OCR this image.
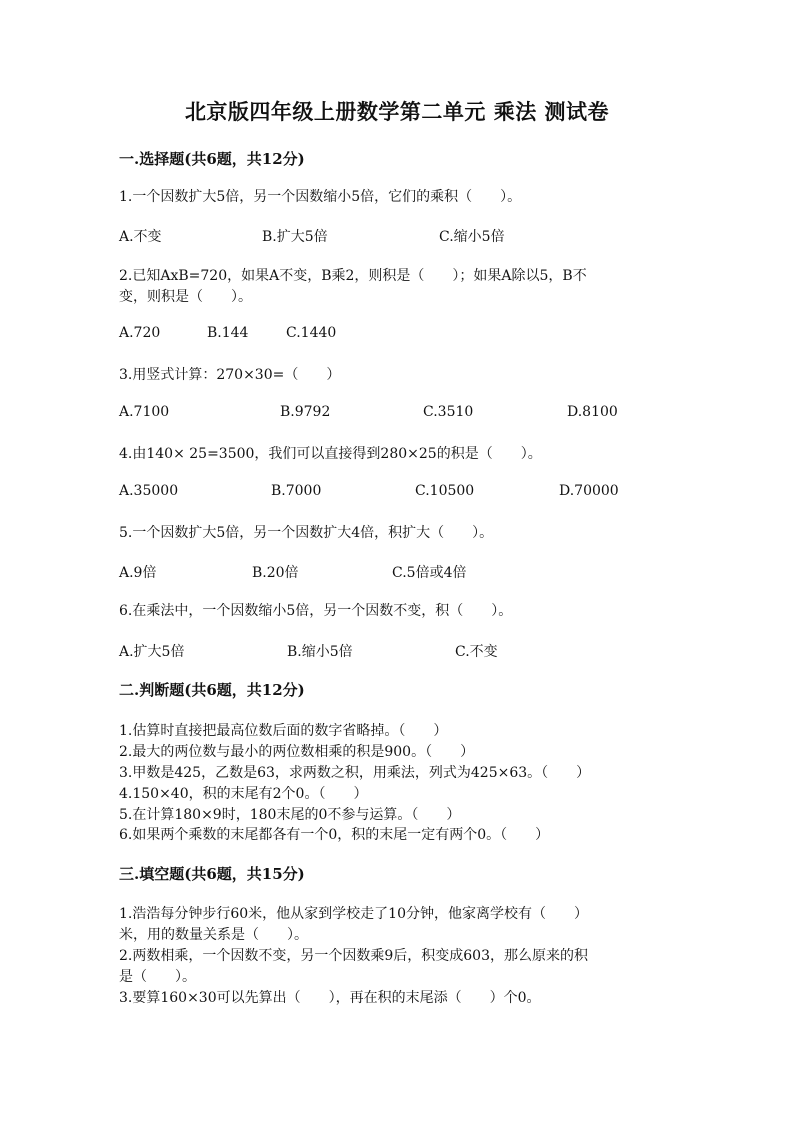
北京版四年级上册数学第二单元 乘法 测试卷
一.选择题(共6题，共12分)
1.一个因数扩大5倍，另一个因数缩小5倍，它们的乘积（　　）。
A.不变	B.扩大5倍	C.缩小5倍
2.已知AxB=720，如果A不变，B乘2，则积是（　　）；如果A除以5，B不
变，则积是（　　）。
A.720	B.144	C.1440
3.用竖式计算：270×30=（　　）
A.7100	B.9792	C.3510	D.8100
4.由140× 25=3500，我们可以直接得到280×25的积是（　　）。
A.35000	B.7000	C.10500	D.70000
5.一个因数扩大5倍，另一个因数扩大4倍，积扩大（　　）。
A.9倍	B.20倍	C.5倍或4倍
6.在乘法中，一个因数缩小5倍，另一个因数不变，积（　　）。
A.扩大5倍	B.缩小5倍	C.不变
二.判断题(共6题，共12分)
1.估算时直接把最高位数后面的数字省略掉。（　　）
2.最大的两位数与最小的两位数相乘的积是900。（　　）
3.甲数是425，乙数是63，求两数之积，用乘法，列式为425×63。（　　）
4.150×40，积的末尾有2个0。（　　）
5.在计算180×9时，180末尾的0不参与运算。（　　）
6.如果两个乘数的末尾都各有一个0，积的末尾一定有两个0。（　　）
三.填空题(共6题，共15分)
1.浩浩每分钟步行60米，他从家到学校走了10分钟，他家离学校有（　　）
米，用的数量关系是（　　）。
2.两数相乘，一个因数不变，另一个因数乘9后，积变成603，那么原来的积
是（　　）。
3.要算160×30可以先算出（　　），再在积的末尾添（　　）个0。
